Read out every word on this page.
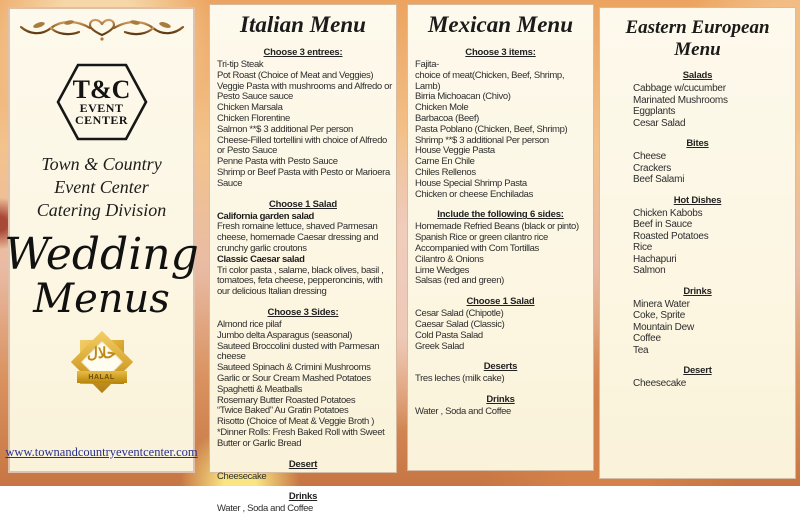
T&C
EVENT
CENTER
Town & Country
Event Center
Catering Division
Wedding
Menus
حلال
HALAL
www.townandcountryeventcenter.com
Italian Menu
Choose 3 entrees:
Tri-tip Steak
Pot Roast (Choice of Meat and Veggies)
Veggie Pasta with mushrooms and Alfredo or Pesto Sauce sauce
Chicken Marsala
Chicken Florentine
Salmon **$ 3 additional Per person
Cheese-Filled tortellini with choice of Alfredo or Pesto Sauce
Penne Pasta with Pesto Sauce
Shrimp or Beef Pasta with Pesto or Marioera Sauce
Choose 1 Salad
California garden salad
Fresh romaine lettuce, shaved Parmesan cheese, homemade Caesar dressing and crunchy garlic croutons
Classic Caesar salad
Tri color pasta , salame, black olives, basil , tomatoes, feta cheese, pepperoncinis, with our delicious Italian dressing
Choose 3 Sides:
Almond rice pilaf
Jumbo delta Asparagus (seasonal)
Sauteed Broccolini dusted with Parmesan cheese
Sauteed Spinach & Crimini Mushrooms
Garlic or Sour Cream Mashed Potatoes
Spaghetti & Meatballs
Rosemary Butter Roasted Potatoes
“Twice Baked” Au Gratin Potatoes
Risotto (Choice of Meat & Veggie Broth )
*Dinner Rolls: Fresh Baked Roll with Sweet Butter or Garlic Bread
Desert
Cheesecake
Drinks
Water , Soda and Coffee
Mexican Menu
Choose 3 items:
Fajita-
choice of meat(Chicken, Beef, Shrimp, Lamb)
Birria Michoacan (Chivo)
Chicken Mole
Barbacoa (Beef)
Pasta Poblano (Chicken, Beef, Shrimp)
Shrimp **$ 3 additional Per person
House Veggie Pasta
Carne En Chile
Chiles Rellenos
House Special Shrimp Pasta
Chicken or cheese Enchiladas
Include the following 6 sides:
Homemade Refried Beans (black or pinto)
Spanish Rice or green cilantro rice
Accompanied with Com Tortillas
Cilantro & Onions
Lime Wedges
Salsas (red and green)
Choose 1 Salad
Cesar Salad (Chipotle)
Caesar Salad (Classic)
Cold Pasta Salad
Greek Salad
Deserts
Tres leches (milk cake)
Drinks
Water , Soda and Coffee
Eastern European Menu
Salads
Cabbage w/cucumber
Marinated Mushrooms
Eggplants
Cesar Salad
Bites
Cheese
Crackers
Beef Salami
Hot Dishes
Chicken Kabobs
Beef in Sauce
Roasted Potatoes
Rice
Hachapuri
Salmon
Drinks
Minera Water
Coke, Sprite
Mountain Dew
Coffee
Tea
Desert
Cheesecake
